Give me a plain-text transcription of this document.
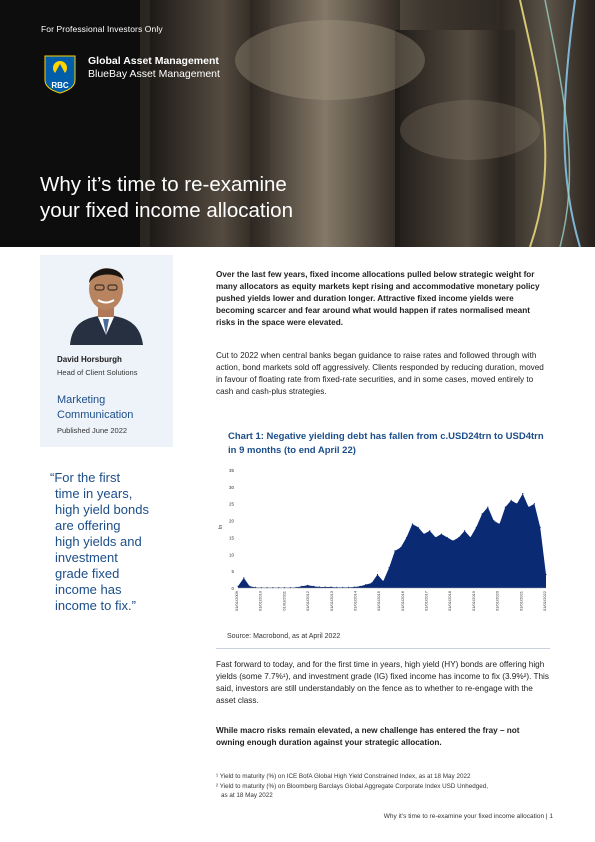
For Professional Investors Only
RBC
Global Asset Management
BlueBay Asset Management
Why it’s time to re-examine
your fixed income allocation
David Horsburgh
Head of Client Solutions
Marketing
Communication
Published June 2022
“For the first
time in years,
high yield bonds
are offering
high yields and
investment
grade fixed
income has
income to fix.”

Over the last few years, fixed income allocations pulled below strategic weight for many allocators as equity markets kept rising and accommodative monetary policy pushed yields lower and duration longer. Attractive fixed income yields were becoming scarcer and fear around what would happen if rates normalised meant risks in the space were elevated.

Cut to 2022 when central banks began guidance to raise rates and followed through with action, bond markets sold off aggressively. Clients responded by reducing duration, moved in favour of floating rate from fixed-rate securities, and in some cases, moved entirely to cash and cash-plus strategies.

Chart 1: Negative yielding debt has fallen from c.USD24trn to USD4trn in 9 months (to end April 22)
0
5
10
15
20
25
30
35
tn
01/01/2009	01/01/2010	01/01/2011	01/01/2012	01/01/2013	01/01/2014	01/01/2015	01/01/2016	01/01/2017	01/01/2018	01/01/2019	01/01/2020	01/01/2021	01/01/2022
Source: Macrobond, as at April 2022

Fast forward to today, and for the first time in years, high yield (HY) bonds are offering high yields (some 7.7%¹), and investment grade (IG) fixed income has income to fix (3.9%²). This said, investors are still understandably on the fence as to whether to re-engage with the asset class.

While macro risks remain elevated, a new challenge has entered the fray – not owning enough duration against your strategic allocation.

¹ Yield to maturity (%) on ICE BofA Global High Yield Constrained Index, as at 18 May 2022
² Yield to maturity (%) on Bloomberg Barclays Global Aggregate Corporate Index USD Unhedged,
as at 18 May 2022
Why it’s time to re-examine your fixed income allocation | 1
